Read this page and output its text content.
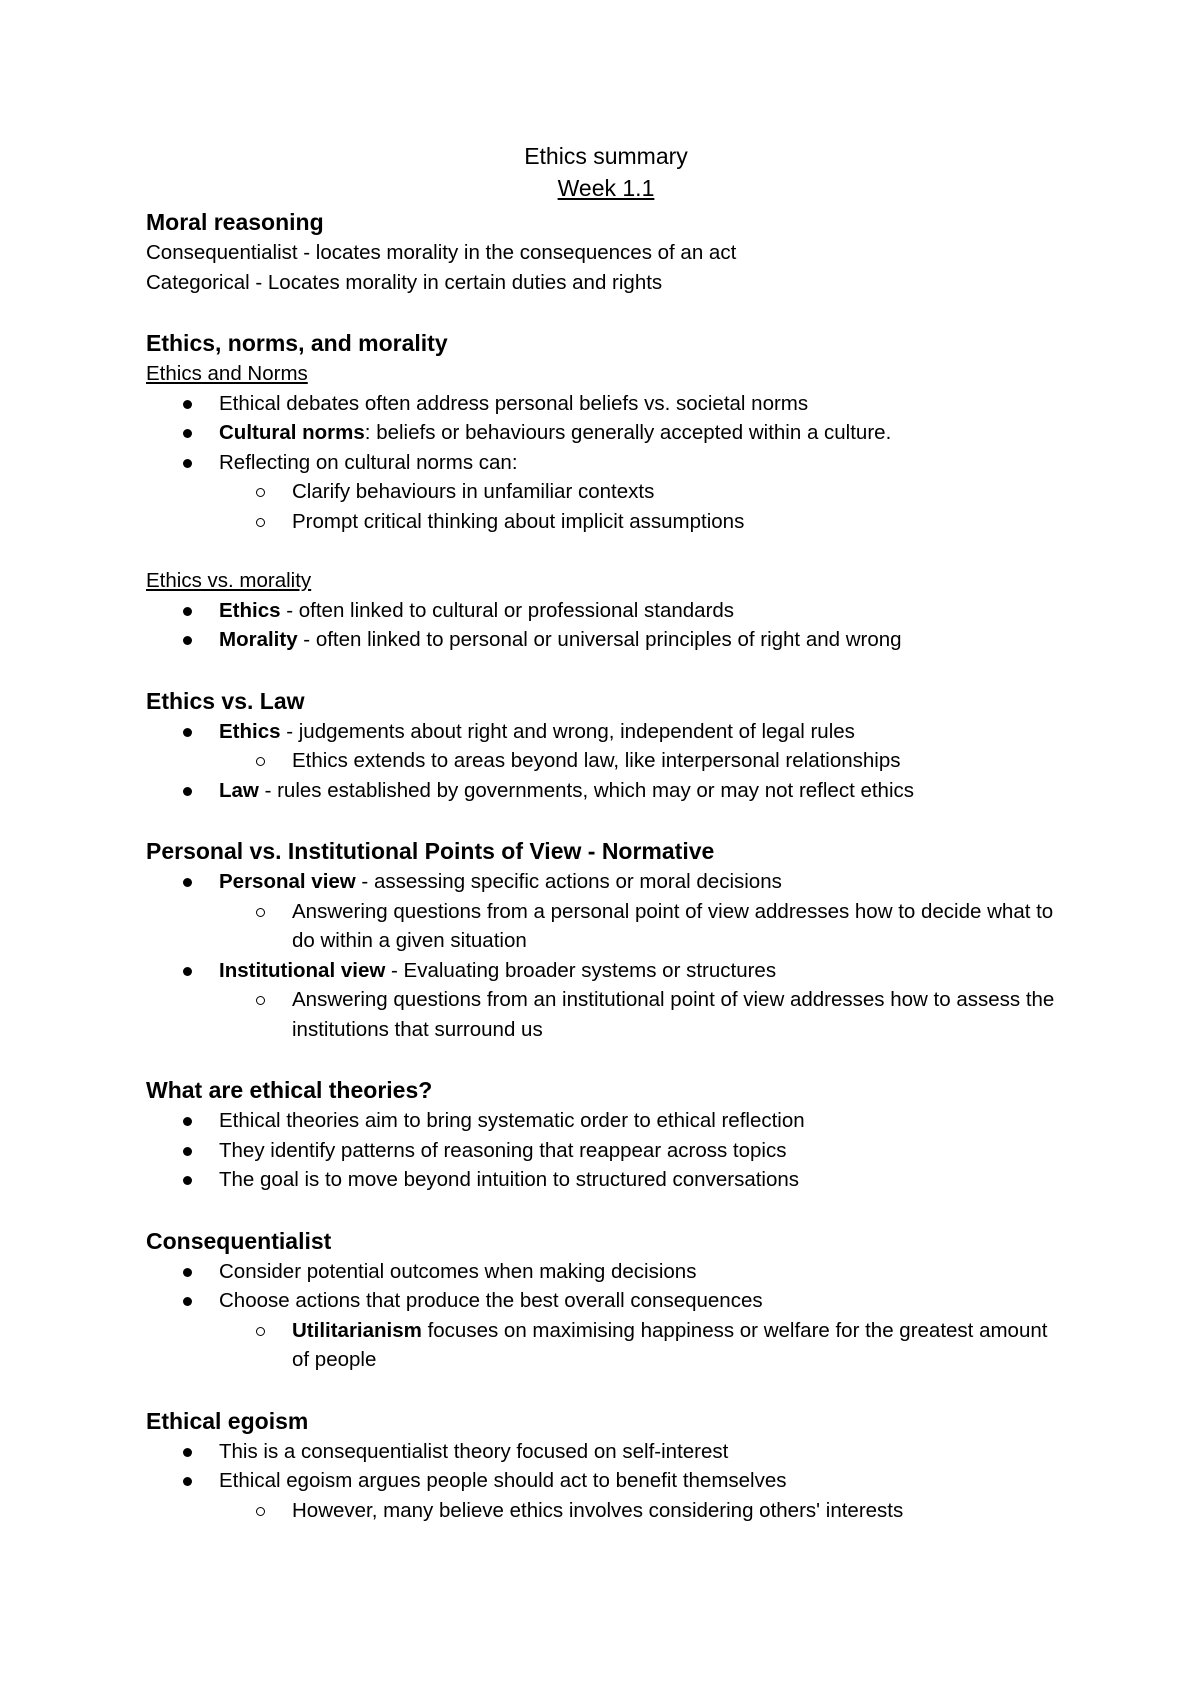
Ethics summary

Week 1.1

Moral reasoning

Consequentialist - locates morality in the consequences of an act

Categorical - Locates morality in certain duties and rights

Ethics, norms, and morality

Ethics and Norms

Ethical debates often address personal beliefs vs. societal norms
Cultural norms: beliefs or behaviours generally accepted within a culture.
Reflecting on cultural norms can:
Clarify behaviours in unfamiliar contexts
Prompt critical thinking about implicit assumptions

Ethics vs. morality

Ethics - often linked to cultural or professional standards
Morality - often linked to personal or universal principles of right and wrong
Ethics vs. Law
Ethics - judgements about right and wrong, independent of legal rules
Ethics extends to areas beyond law, like interpersonal relationships
Law - rules established by governments, which may or may not reflect ethics
Personal vs. Institutional Points of View - Normative
Personal view - assessing specific actions or moral decisions
Answering questions from a personal point of view addresses how to decide what to do within a given situation
Institutional view - Evaluating broader systems or structures
Answering questions from an institutional point of view addresses how to assess the institutions that surround us
What are ethical theories?
Ethical theories aim to bring systematic order to ethical reflection
They identify patterns of reasoning that reappear across topics
The goal is to move beyond intuition to structured conversations
Consequentialist
Consider potential outcomes when making decisions
Choose actions that produce the best overall consequences
Utilitarianism focuses on maximising happiness or welfare for the greatest amount of people
Ethical egoism
This is a consequentialist theory focused on self-interest
Ethical egoism argues people should act to benefit themselves
However, many believe ethics involves considering others' interests
